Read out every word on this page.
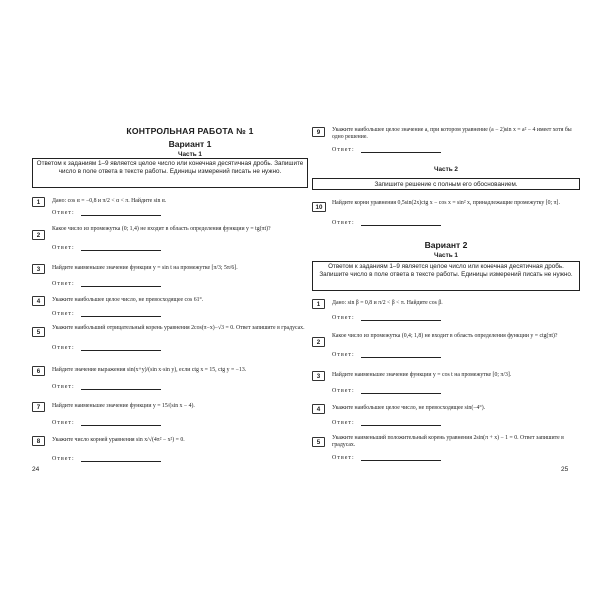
КОНТРОЛЬНАЯ РАБОТА № 1
Вариант 1
Часть 1
Ответом к заданиям 1–9 является целое число или конечная десятичная дробь. Запишите число в поле ответа в тексте работы. Единицы измерений писать не нужно.
1	Дано: cos α = −0,8 и π/2 < α < π. Найдите sin α.
Ответ:
2
Какое число из промежутка (0; 1,4) не входит в область определения функции y = tg(πt)?
Ответ:
3	Найдите наименьшее значение функции y = sin t на промежутке [π/3; 5π/6].
Ответ:
4	Укажите наибольшее целое число, не превосходящее cos 61°.
Ответ:
5
Укажите наибольший отрицательный корень уравнения 2cos(π−x)−√3 = 0. Ответ запишите в градусах.
Ответ:
6	Найдите значение выражения sin(x+y)/(sin x·sin y), если ctg x = 15, ctg y = −13.
Ответ:
7	Найдите наименьшее значение функции y = 15/(sin x − 4).
Ответ:
8	Укажите число корней уравнения sin x/√(4π² − x²) = 0.
Ответ:
24
9	Укажите наибольшее целое значение a, при котором уравнение (a − 2)sin x = a² − 4 имеет хотя бы одно решение.
Ответ:
Часть 2
Запишите решение с полным его обоснованием.
10
Найдите корни уравнения 0,5sin(2x)ctg x − cos x = sin² x, принадлежащие промежутку [0; π].
Ответ:
Вариант 2
Часть 1
Ответом к заданиям 1–9 является целое число или конечная десятичная дробь. Запишите число в поле ответа в тексте работы. Единицы измерений писать не нужно.
1	Дано: sin β = 0,8 и π/2 < β < π. Найдите cos β.
Ответ:
2
Какое число из промежутка (0,4; 1,8) не входит в область определения функции y = ctg(πt)?
Ответ:
3	Найдите наименьшее значение функции y = cos t на промежутке [0; π/3].
Ответ:
4	Укажите наибольшее целое число, не превосходящее sin(−4°).
Ответ:
5
Укажите наименьший положительный корень уравнения 2sin(π + x) − 1 = 0. Ответ запишите в градусах.
Ответ:
25
